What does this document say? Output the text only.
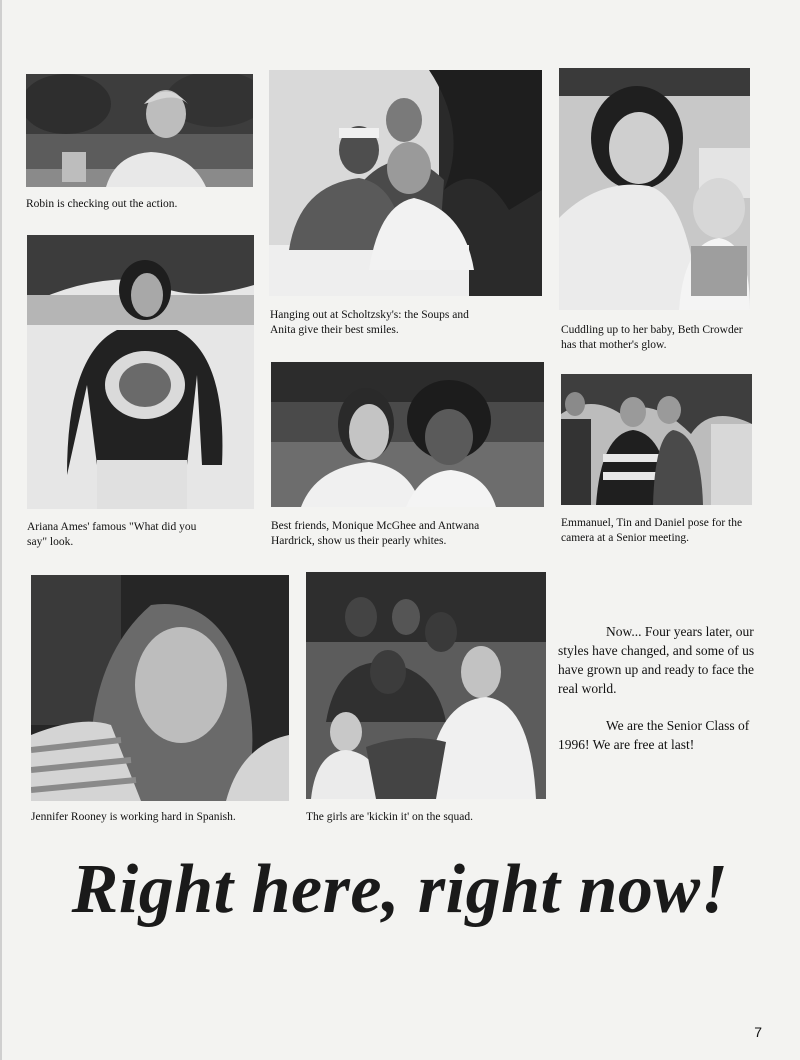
Robin is checking out the action.
Hanging out at Scholtzsky's: the Soups and Anita give their best smiles.	Cuddling up to her baby, Beth Crowder has that mother's glow.
Ariana Ames' famous "What did you say" look.
Best friends, Monique McGhee and Antwana Hardrick, show us their pearly whites.
Emmanuel, Tin and Daniel pose for the camera at a Senior meeting.
Jennifer Rooney is working hard in Spanish.	The girls are 'kickin it' on the squad.

Now... Four years later, our styles have changed, and some of us have grown up and ready to face the real world.

We are the Senior Class of 1996! We are free at last!

Right here, right now!
7
